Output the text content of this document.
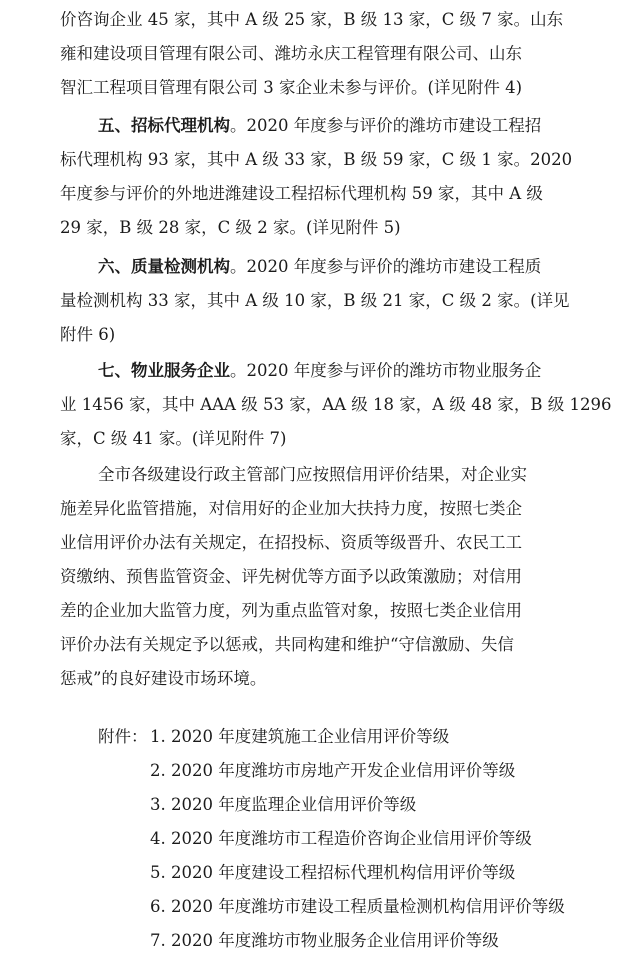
价咨询企业 45 家，其中 A 级 25 家，B 级 13 家，C 级 7 家。山东
雍和建设项目管理有限公司、潍坊永庆工程管理有限公司、山东
智汇工程项目管理有限公司 3 家企业未参与评价。(详见附件 4)
五、招标代理机构。2020 年度参与评价的潍坊市建设工程招
标代理机构 93 家，其中 A 级 33 家，B 级 59 家，C 级 1 家。2020
年度参与评价的外地进潍建设工程招标代理机构 59 家，其中 A 级
29 家，B 级 28 家，C 级 2 家。(详见附件 5)
六、质量检测机构。2020 年度参与评价的潍坊市建设工程质
量检测机构 33 家，其中 A 级 10 家，B 级 21 家，C 级 2 家。(详见
附件 6)
七、物业服务企业。2020 年度参与评价的潍坊市物业服务企
业 1456 家，其中 AAA 级 53 家，AA 级 18 家，A 级 48 家，B 级 1296
家，C 级 41 家。(详见附件 7)
全市各级建设行政主管部门应按照信用评价结果，对企业实
施差异化监管措施，对信用好的企业加大扶持力度，按照七类企
业信用评价办法有关规定，在招投标、资质等级晋升、农民工工
资缴纳、预售监管资金、评先树优等方面予以政策激励；对信用
差的企业加大监管力度，列为重点监管对象，按照七类企业信用
评价办法有关规定予以惩戒，共同构建和维护“守信激励、失信
惩戒”的良好建设市场环境。
附件： 1. 2020 年度建筑施工企业信用评价等级
2. 2020 年度潍坊市房地产开发企业信用评价等级
3. 2020 年度监理企业信用评价等级
4. 2020 年度潍坊市工程造价咨询企业信用评价等级
5. 2020 年度建设工程招标代理机构信用评价等级
6. 2020 年度潍坊市建设工程质量检测机构信用评价等级
7. 2020 年度潍坊市物业服务企业信用评价等级
